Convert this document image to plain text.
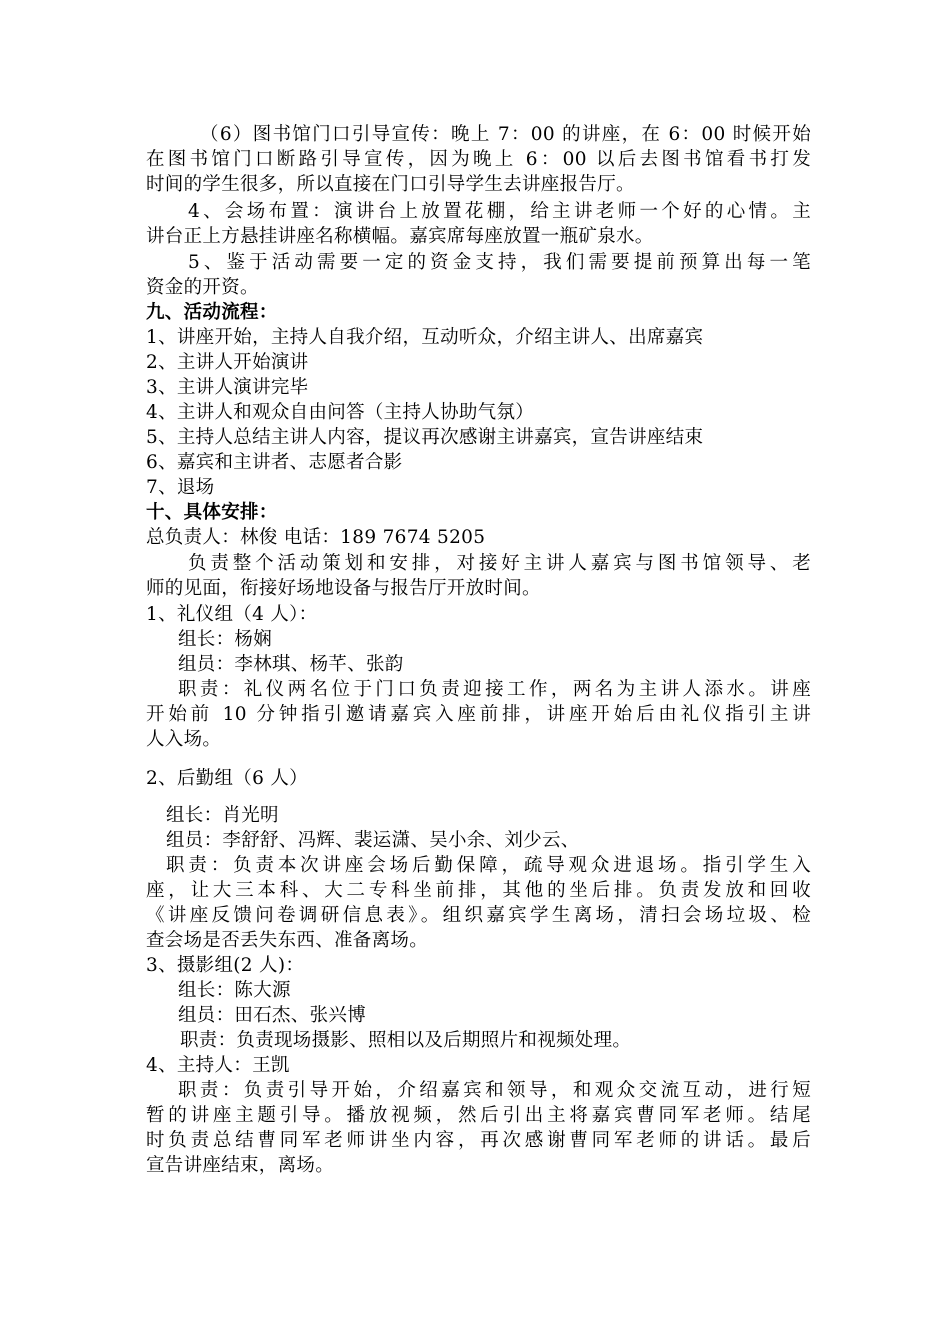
（6）图书馆门口引导宣传：晚上 7：00 的讲座，在 6：00 时候开始
在图书馆门口断路引导宣传，因为晚上 6：00 以后去图书馆看书打发
时间的学生很多，所以直接在门口引导学生去讲座报告厅。
4、会场布置：演讲台上放置花棚，给主讲老师一个好的心情。主
讲台正上方悬挂讲座名称横幅。嘉宾席每座放置一瓶矿泉水。
5、鉴于活动需要一定的资金支持，我们需要提前预算出每一笔
资金的开资。
九、活动流程：
1、讲座开始，主持人自我介绍，互动听众，介绍主讲人、出席嘉宾
2、主讲人开始演讲
3、主讲人演讲完毕
4、主讲人和观众自由问答（主持人协助气氛）
5、主持人总结主讲人内容，提议再次感谢主讲嘉宾，宣告讲座结束
6、嘉宾和主讲者、志愿者合影
7、退场
十、具体安排：
总负责人：林俊 电话：189 7674 5205
负责整个活动策划和安排，对接好主讲人嘉宾与图书馆领导、老
师的见面，衔接好场地设备与报告厅开放时间。
1、礼仪组（4 人）：
组长：杨娴
组员：李林琪、杨芊、张韵
职责：礼仪两名位于门口负责迎接工作，两名为主讲人添水。讲座
开始前 10 分钟指引邀请嘉宾入座前排，讲座开始后由礼仪指引主讲
人入场。
2、后勤组（6 人）
组长：肖光明
组员：李舒舒、冯辉、裴运潇、吴小余、刘少云、
职责：负责本次讲座会场后勤保障，疏导观众进退场。指引学生入
座，让大三本科、大二专科坐前排，其他的坐后排。负责发放和回收
《讲座反馈问卷调研信息表》。组织嘉宾学生离场，清扫会场垃圾、检
查会场是否丢失东西、准备离场。
3、摄影组(2 人)：
组长：陈大源
组员：田石杰、张兴博
职责：负责现场摄影、照相以及后期照片和视频处理。
4、主持人：王凯
职责：负责引导开始，介绍嘉宾和领导，和观众交流互动，进行短
暂的讲座主题引导。播放视频，然后引出主将嘉宾曹同军老师。结尾
时负责总结曹同军老师讲坐内容，再次感谢曹同军老师的讲话。最后
宣告讲座结束，离场。
